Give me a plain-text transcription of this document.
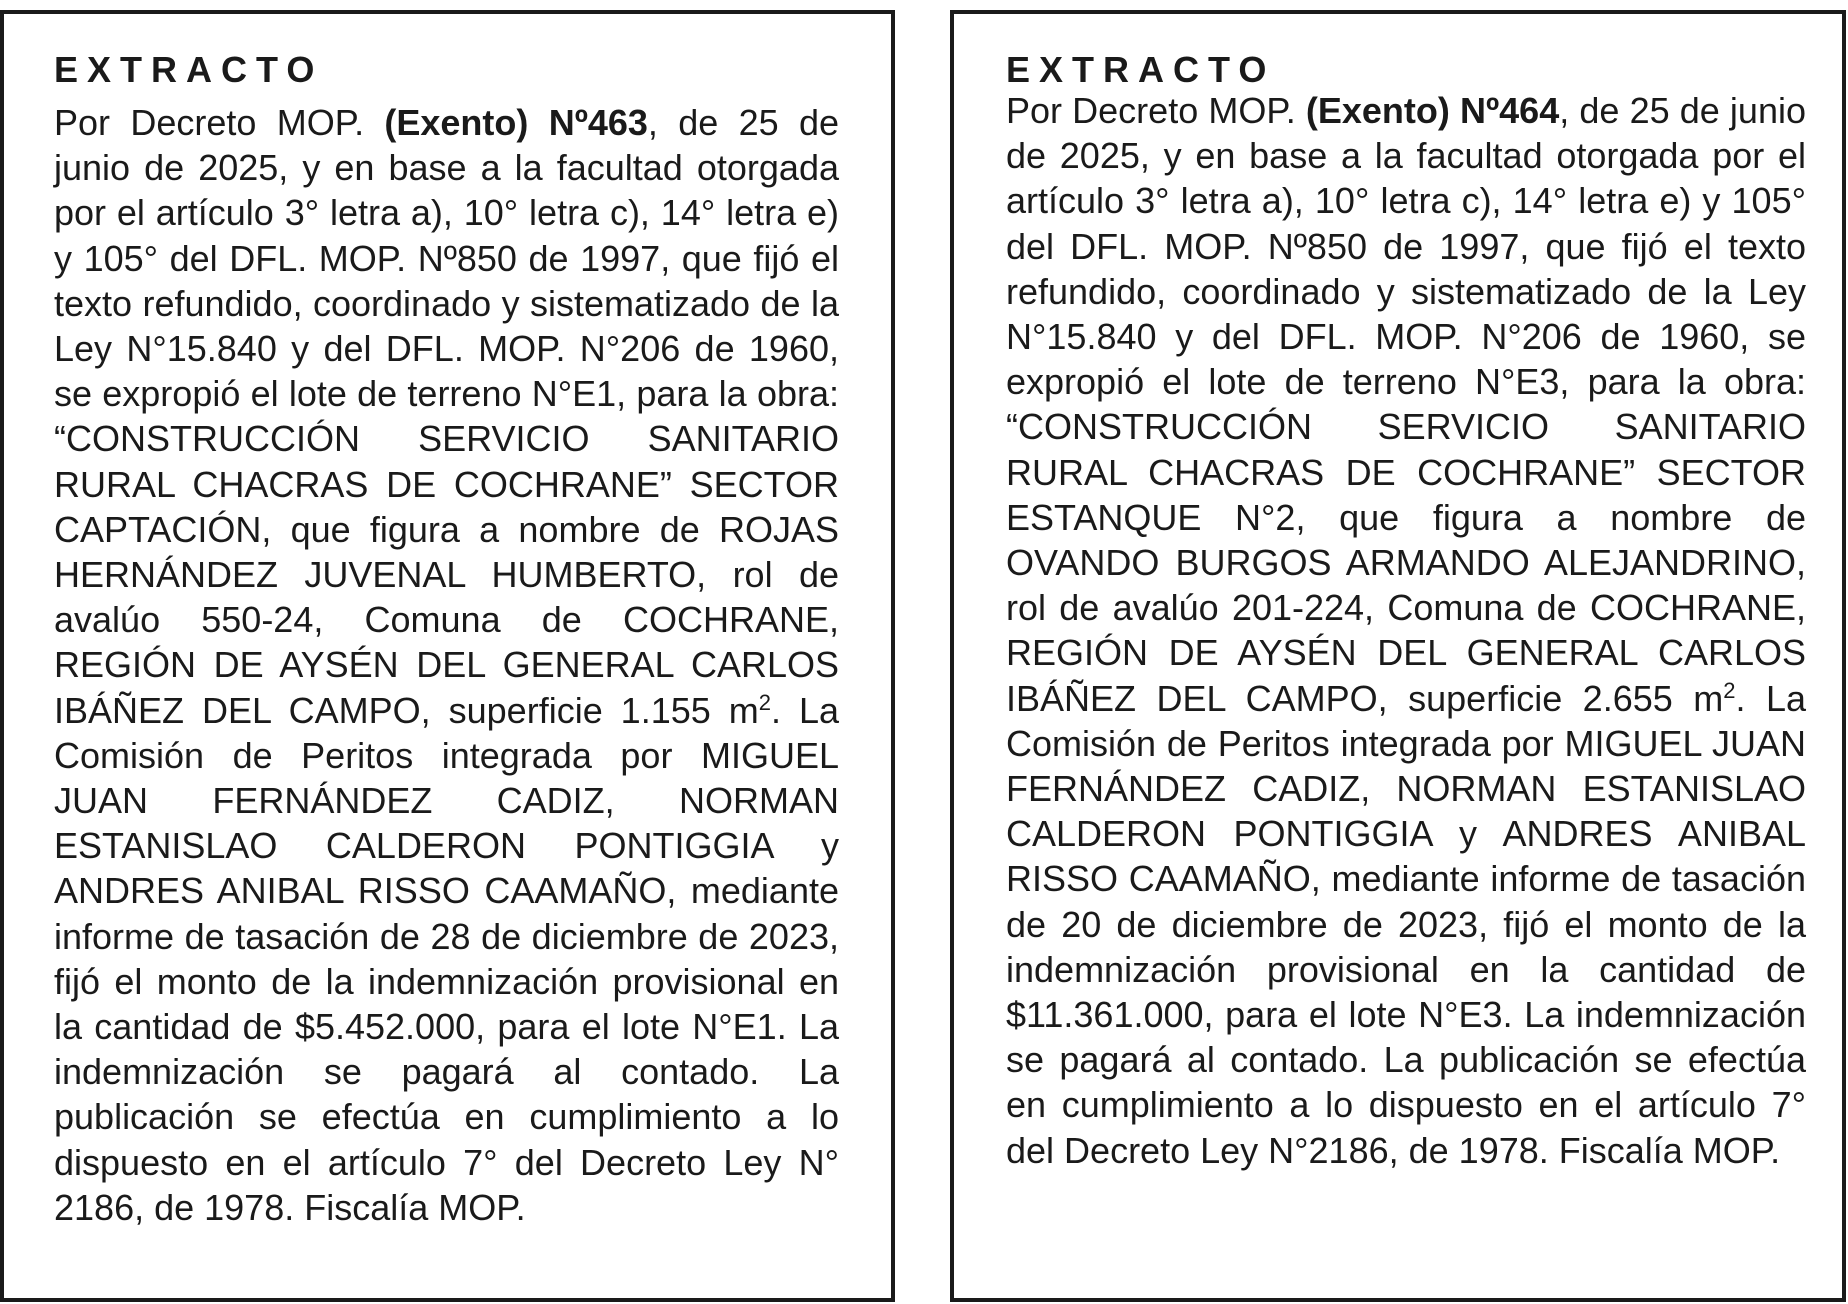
EXTRACTO

Por Decreto MOP. (Exento) Nº463, de 25 de junio de 2025, y en base a la facultad otorgada por el artículo 3° letra a), 10° letra c), 14° letra e) y 105° del DFL. MOP. Nº850 de 1997, que fijó el texto refundido, coordinado y sistematizado de la Ley N°15.840 y del DFL. MOP. N°206 de 1960, se expropió el lote de terreno N°E1, para la obra: “CONSTRUCCIÓN SERVICIO SANITARIO RURAL CHACRAS DE COCHRANE” SECTOR CAPTACIÓN, que figura a nombre de ROJAS HERNÁNDEZ JUVENAL HUMBERTO, rol de avalúo 550-24, Comuna de COCHRANE, REGIÓN DE AYSÉN DEL GENERAL CARLOS IBÁÑEZ DEL CAMPO, superficie 1.155 $m^2$. La Comisión de Peritos integrada por MIGUEL JUAN FERNÁNDEZ CADIZ, NORMAN ESTANISLAO CALDERON PONTIGGIA y ANDRES ANIBAL RISSO CAAMAÑO, mediante informe de tasación de 28 de diciembre de 2023, fijó el monto de la indemnización provisional en la cantidad de $5.452.000, para el lote N°E1. La indemnización se pagará al contado. La publicación se efectúa en cumplimiento a lo dispuesto en el artículo 7° del Decreto Ley N° 2186, de 1978. Fiscalía MOP.

EXTRACTO

Por Decreto MOP. (Exento) Nº464, de 25 de junio de 2025, y en base a la facultad otorgada por el artículo 3° letra a), 10° letra c), 14° letra e) y 105° del DFL. MOP. Nº850 de 1997, que fijó el texto refundido, coordinado y sistematizado de la Ley N°15.840 y del DFL. MOP. N°206 de 1960, se expropió el lote de terreno N°E3, para la obra: “CONSTRUCCIÓN SERVICIO SANITARIO RURAL CHACRAS DE COCHRANE” SECTOR ESTANQUE N°2, que figura a nombre de OVANDO BURGOS ARMANDO ALEJANDRINO, rol de avalúo 201-224, Comuna de COCHRANE, REGIÓN DE AYSÉN DEL GENERAL CARLOS IBÁÑEZ DEL CAMPO, superficie 2.655 $m^2$. La Comisión de Peritos integrada por MIGUEL JUAN FERNÁNDEZ CADIZ, NORMAN ESTANISLAO CALDERON PONTIGGIA y ANDRES ANIBAL RISSO CAAMAÑO, mediante informe de tasación de 20 de diciembre de 2023, fijó el monto de la indemnización provisional en la cantidad de $11.361.000, para el lote N°E3. La indemnización se pagará al contado. La publicación se efectúa en cumplimiento a lo dispuesto en el artículo 7° del Decreto Ley N°2186, de 1978. Fiscalía MOP.
